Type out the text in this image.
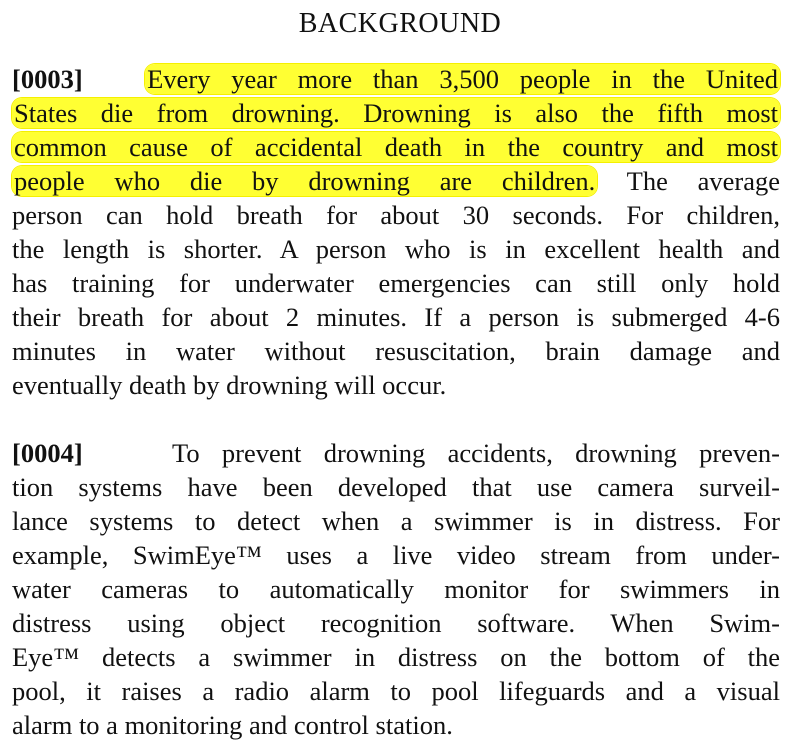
BACKGROUND
[0003] Every year more than 3,500 people in the United
States die from drowning. Drowning is also the fifth most
common cause of accidental death in the country and most
people who die by drowning are children. The average
person can hold breath for about 30 seconds. For children,
the length is shorter. A person who is in excellent health and
has training for underwater emergencies can still only hold
their breath for about 2 minutes. If a person is submerged 4-6
minutes in water without resuscitation, brain damage and
eventually death by drowning will occur.
[0004]	To prevent drowning accidents, drowning preven-
tion systems have been developed that use camera surveil-
lance systems to detect when a swimmer is in distress. For
example, SwimEye™ uses a live video stream from under-
water cameras to automatically monitor for swimmers in
distress using object recognition software. When Swim-
Eye™ detects a swimmer in distress on the bottom of the
pool, it raises a radio alarm to pool lifeguards and a visual
alarm to a monitoring and control station.
